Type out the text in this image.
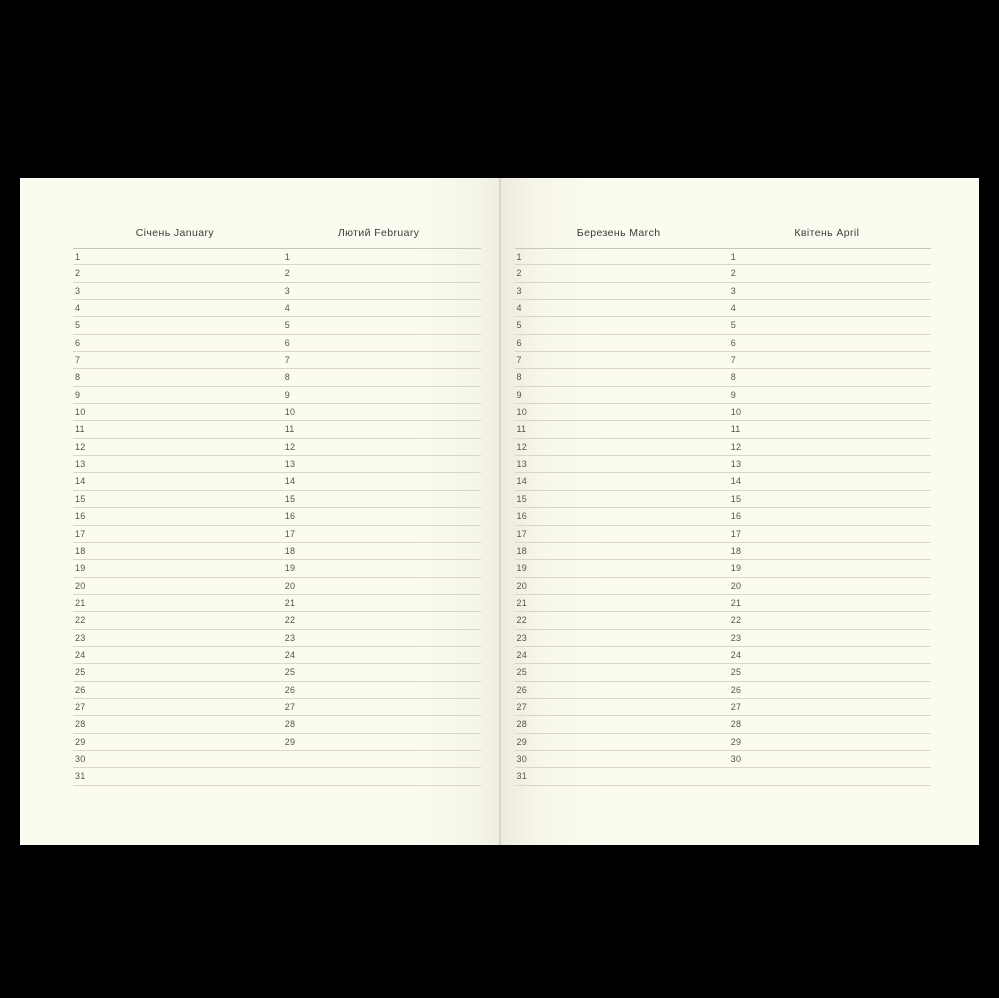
Січень January
1
2
3
4
5
6
7
8
9
10
11
12
13
14
15
16
17
18
19
20
21
22
23
24
25
26
27
28
29
30
31
Лютий February
1
2
3
4
5
6
7
8
9
10
11
12
13
14
15
16
17
18
19
20
21
22
23
24
25
26
27
28
29
Березень March
1
2
3
4
5
6
7
8
9
10
11
12
13
14
15
16
17
18
19
20
21
22
23
24
25
26
27
28
29
30
31
Квітень April
1
2
3
4
5
6
7
8
9
10
11
12
13
14
15
16
17
18
19
20
21
22
23
24
25
26
27
28
29
30
